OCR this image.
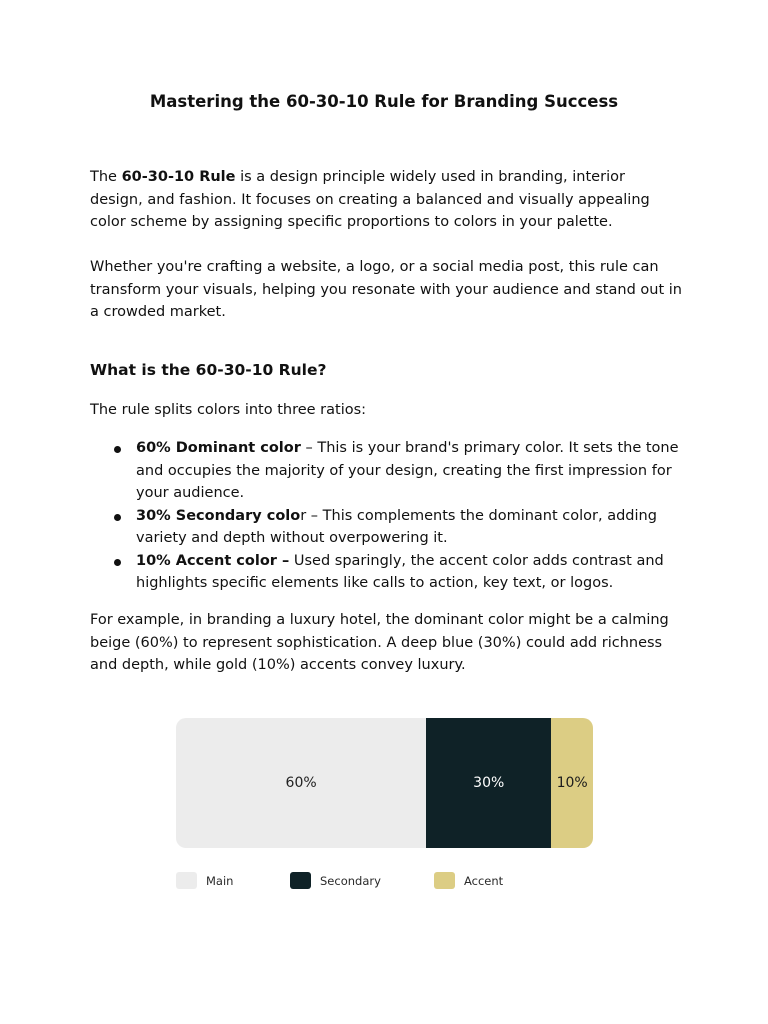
Mastering the 60-30-10 Rule for Branding Success

The 60-30-10 Rule is a design principle widely used in branding, interior design, and fashion. It focuses on creating a balanced and visually appealing color scheme by assigning specific proportions to colors in your palette.

Whether you're crafting a website, a logo, or a social media post, this rule can transform your visuals, helping you resonate with your audience and stand out in a crowded market.

What is the 60-30-10 Rule?

The rule splits colors into three ratios:

60% Dominant color – This is your brand's primary color. It sets the tone and occupies the majority of your design, creating the first impression for your audience.
30% Secondary color – This complements the dominant color, adding variety and depth without overpowering it.
10% Accent color – Used sparingly, the accent color adds contrast and highlights specific elements like calls to action, key text, or logos.

For example, in branding a luxury hotel, the dominant color might be a calming beige (60%) to represent sophistication. A deep blue (30%) could add richness and depth, while gold (10%) accents convey luxury.

60%	30%	10%
Main	Secondary	Accent
